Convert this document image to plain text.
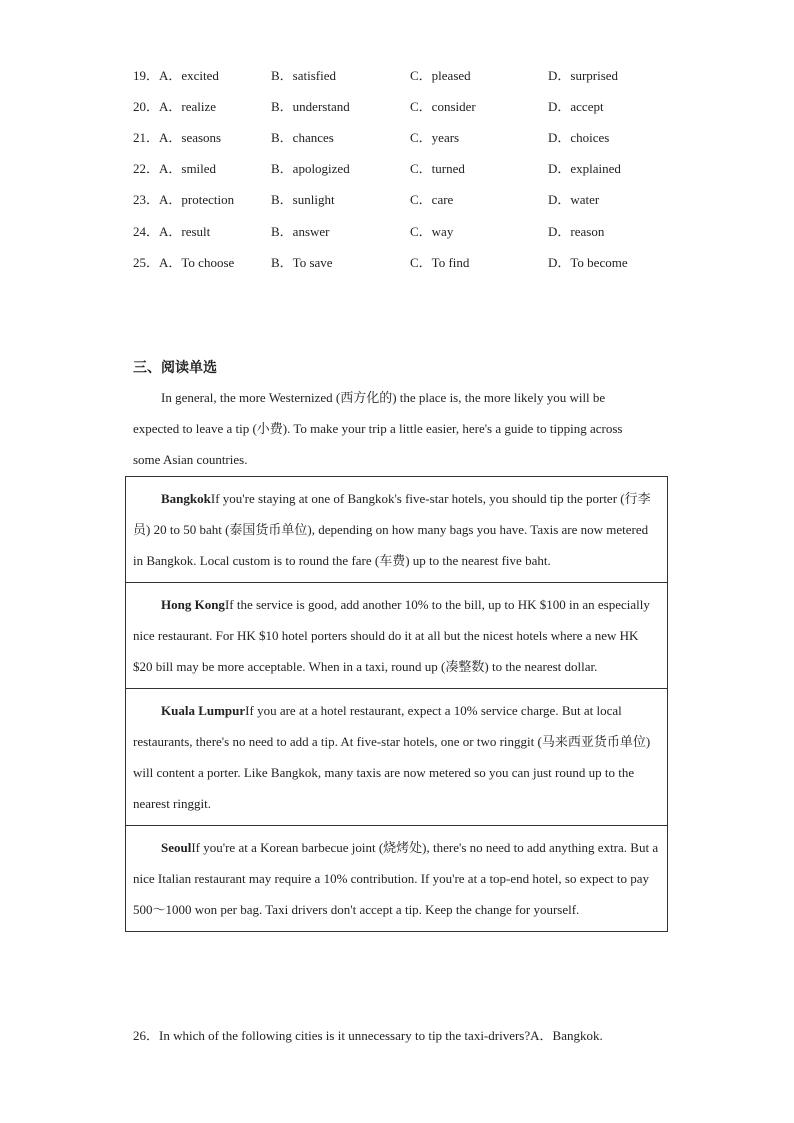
19．A．excited	B．satisfied	C．pleased	D．surprised
20．A．realize	B．understand	C．consider	D．accept
21．A．seasons	B．chances	C．years	D．choices
22．A．smiled	B．apologized	C．turned	D．explained
23．A．protection	B．sunlight	C．care	D．water
24．A．result	B．answer	C．way	D．reason
25．A．To choose	B．To save	C．To find	D．To become
三、阅读单选

In general, the more Westernized (西方化的) the place is, the more likely you will be expected to leave a tip (小费). To make your trip a little easier, here's a guide to tipping across some Asian countries.

BangkokIf you're staying at one of Bangkok's five-star hotels, you should tip the porter (行李员) 20 to 50 baht (泰国货币单位), depending on how many bags you have. Taxis are now metered in Bangkok. Local custom is to round the fare (车费) up to the nearest five baht.
Hong KongIf the service is good, add another 10% to the bill, up to HK $100 in an especially nice restaurant. For HK $10 hotel porters should do it at all but the nicest hotels where a new HK $20 bill may be more acceptable. When in a taxi, round up (凑整数) to the nearest dollar.
Kuala LumpurIf you are at a hotel restaurant, expect a 10% service charge. But at local restaurants, there's no need to add a tip. At five-star hotels, one or two ringgit (马来西亚货币单位) will content a porter. Like Bangkok, many taxis are now metered so you can just round up to the nearest ringgit.
SeoulIf you're at a Korean barbecue joint (烧烤处), there's no need to add anything extra. But a nice Italian restaurant may require a 10% contribution. If you're at a top-end hotel, so expect to pay 500～1000 won per bag. Taxi drivers don't accept a tip. Keep the change for yourself.
26．In which of the following cities is it unnecessary to tip the taxi-drivers?A．Bangkok.
